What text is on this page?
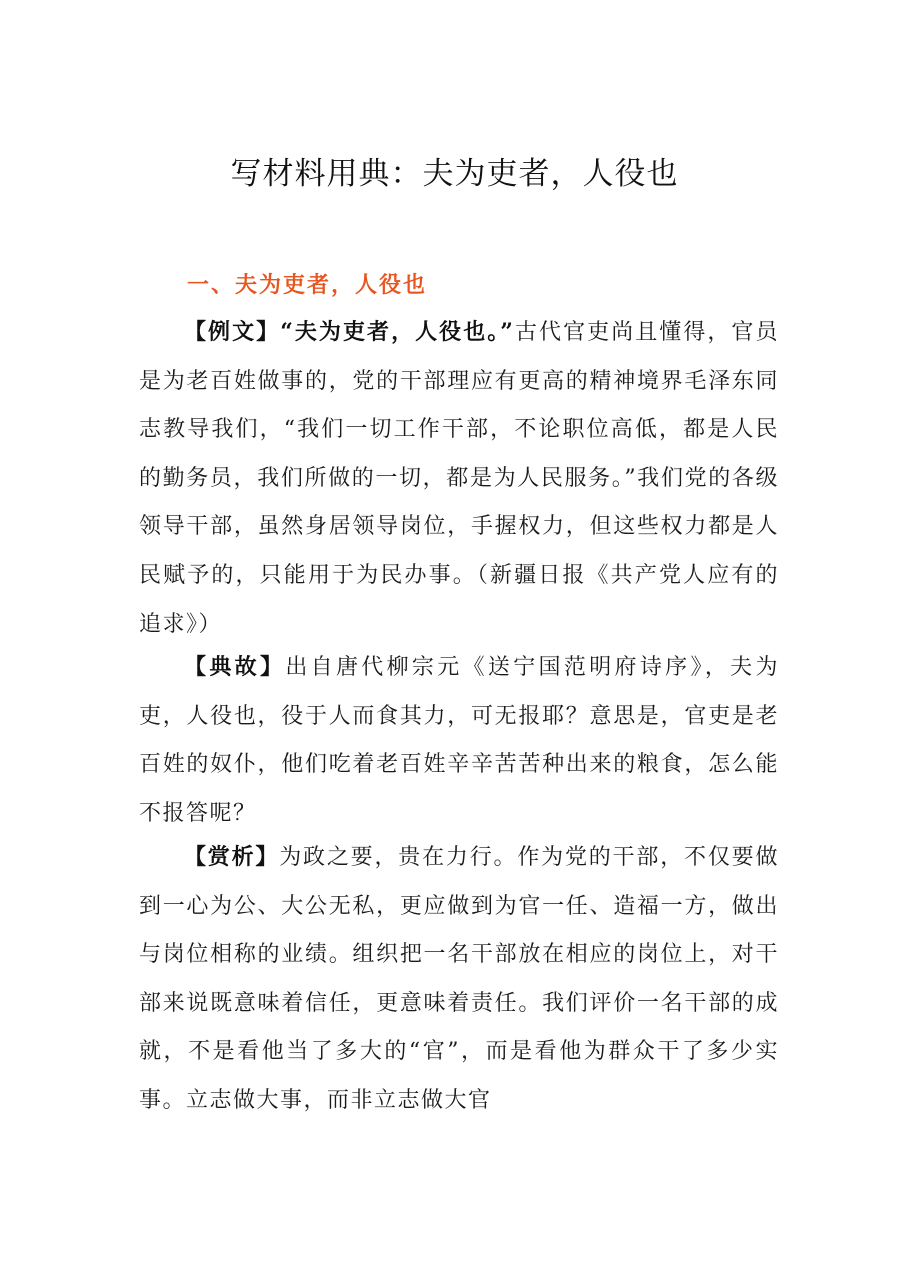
写材料用典：夫为吏者，人役也
一、夫为吏者，人役也

【例文】“夫为吏者，人役也。”古代官吏尚且懂得，官员是为老百姓做事的，党的干部理应有更高的精神境界毛泽东同志教导我们，“我们一切工作干部，不论职位高低，都是人民的勤务员，我们所做的一切，都是为人民服务。”我们党的各级领导干部，虽然身居领导岗位，手握权力，但这些权力都是人民赋予的，只能用于为民办事。（新疆日报《共产党人应有的追求》）

【典故】出自唐代柳宗元《送宁国范明府诗序》，夫为吏，人役也，役于人而食其力，可无报耶？意思是，官吏是老百姓的奴仆，他们吃着老百姓辛辛苦苦种出来的粮食，怎么能不报答呢？

【赏析】为政之要，贵在力行。作为党的干部，不仅要做到一心为公、大公无私，更应做到为官一任、造福一方，做出与岗位相称的业绩。组织把一名干部放在相应的岗位上，对干部来说既意味着信任，更意味着责任。我们评价一名干部的成就，不是看他当了多大的“官”，而是看他为群众干了多少实事。立志做大事，而非立志做大官
